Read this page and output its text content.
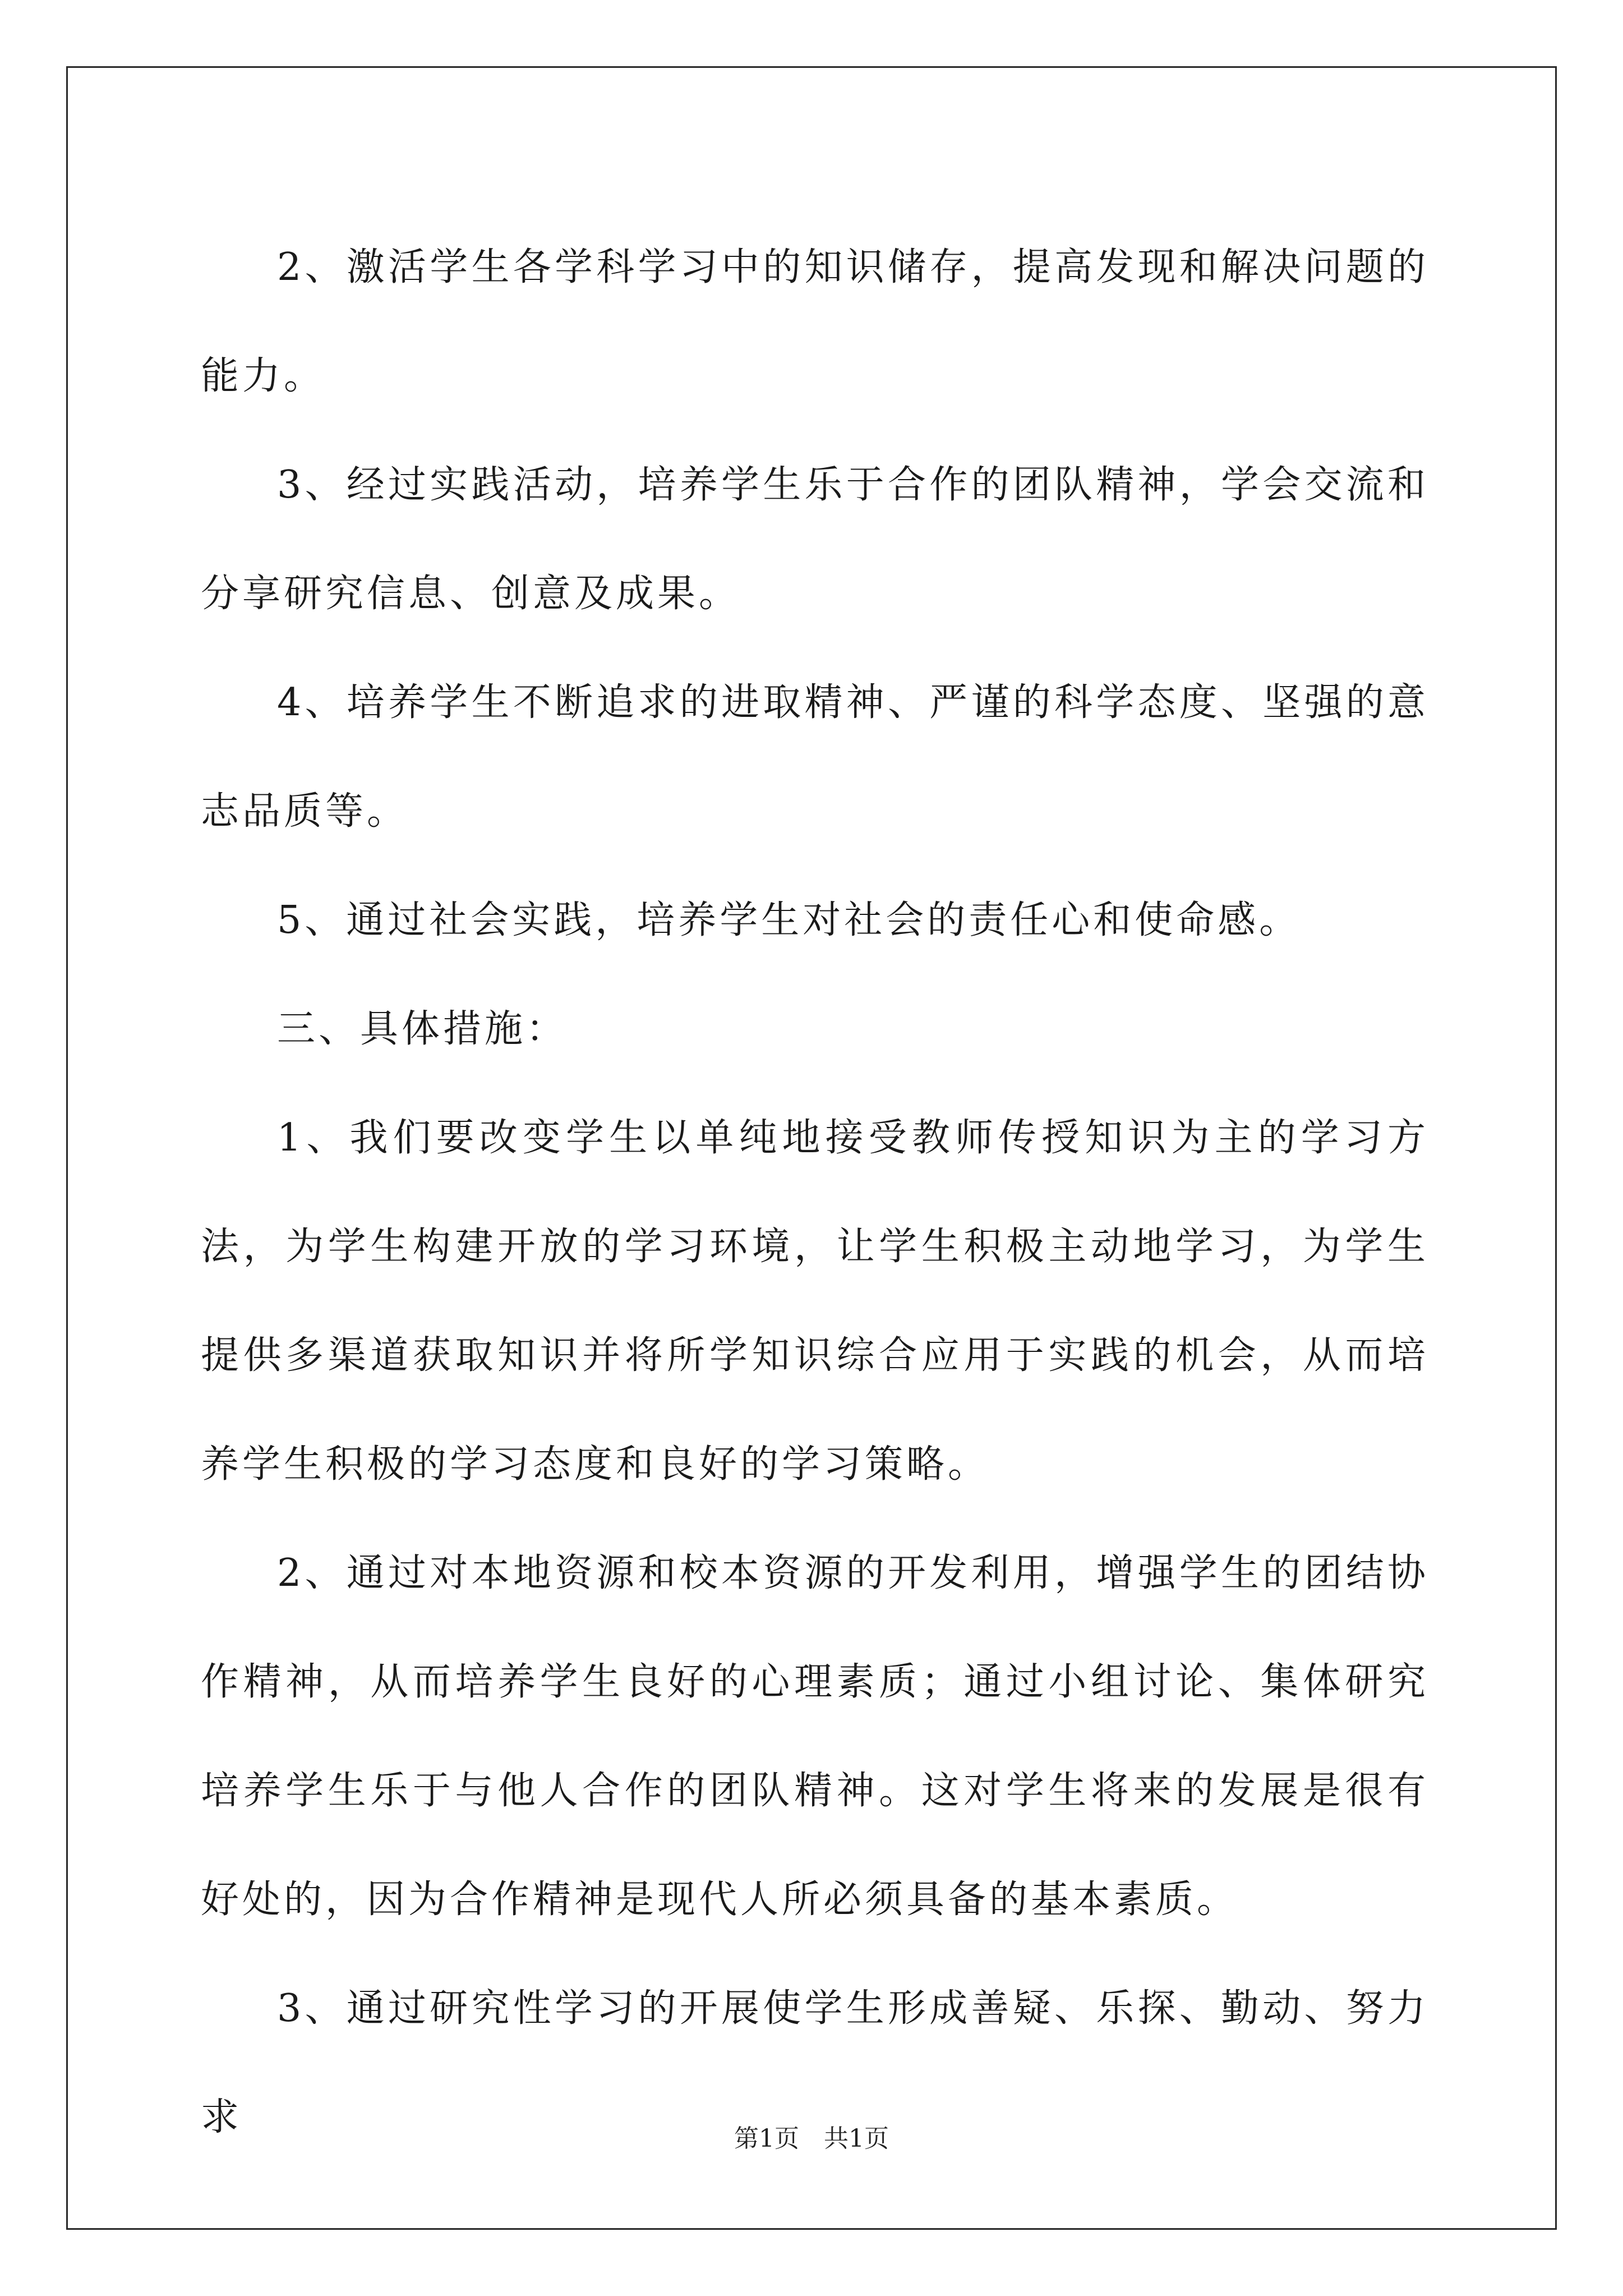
2、激活学生各学科学习中的知识储存，提高发现和解决问题的能力。

3、经过实践活动，培养学生乐于合作的团队精神，学会交流和分享研究信息、创意及成果。

4、培养学生不断追求的进取精神、严谨的科学态度、坚强的意志品质等。

5、通过社会实践，培养学生对社会的责任心和使命感。

三、具体措施：

1、我们要改变学生以单纯地接受教师传授知识为主的学习方法，为学生构建开放的学习环境，让学生积极主动地学习，为学生提供多渠道获取知识并将所学知识综合应用于实践的机会，从而培养学生积极的学习态度和良好的学习策略。

2、通过对本地资源和校本资源的开发利用，增强学生的团结协作精神，从而培养学生良好的心理素质；通过小组讨论、集体研究培养学生乐于与他人合作的团队精神。这对学生将来的发展是很有好处的，因为合作精神是现代人所必须具备的基本素质。

3、通过研究性学习的开展使学生形成善疑、乐探、勤动、努力求	第1页　共1页
